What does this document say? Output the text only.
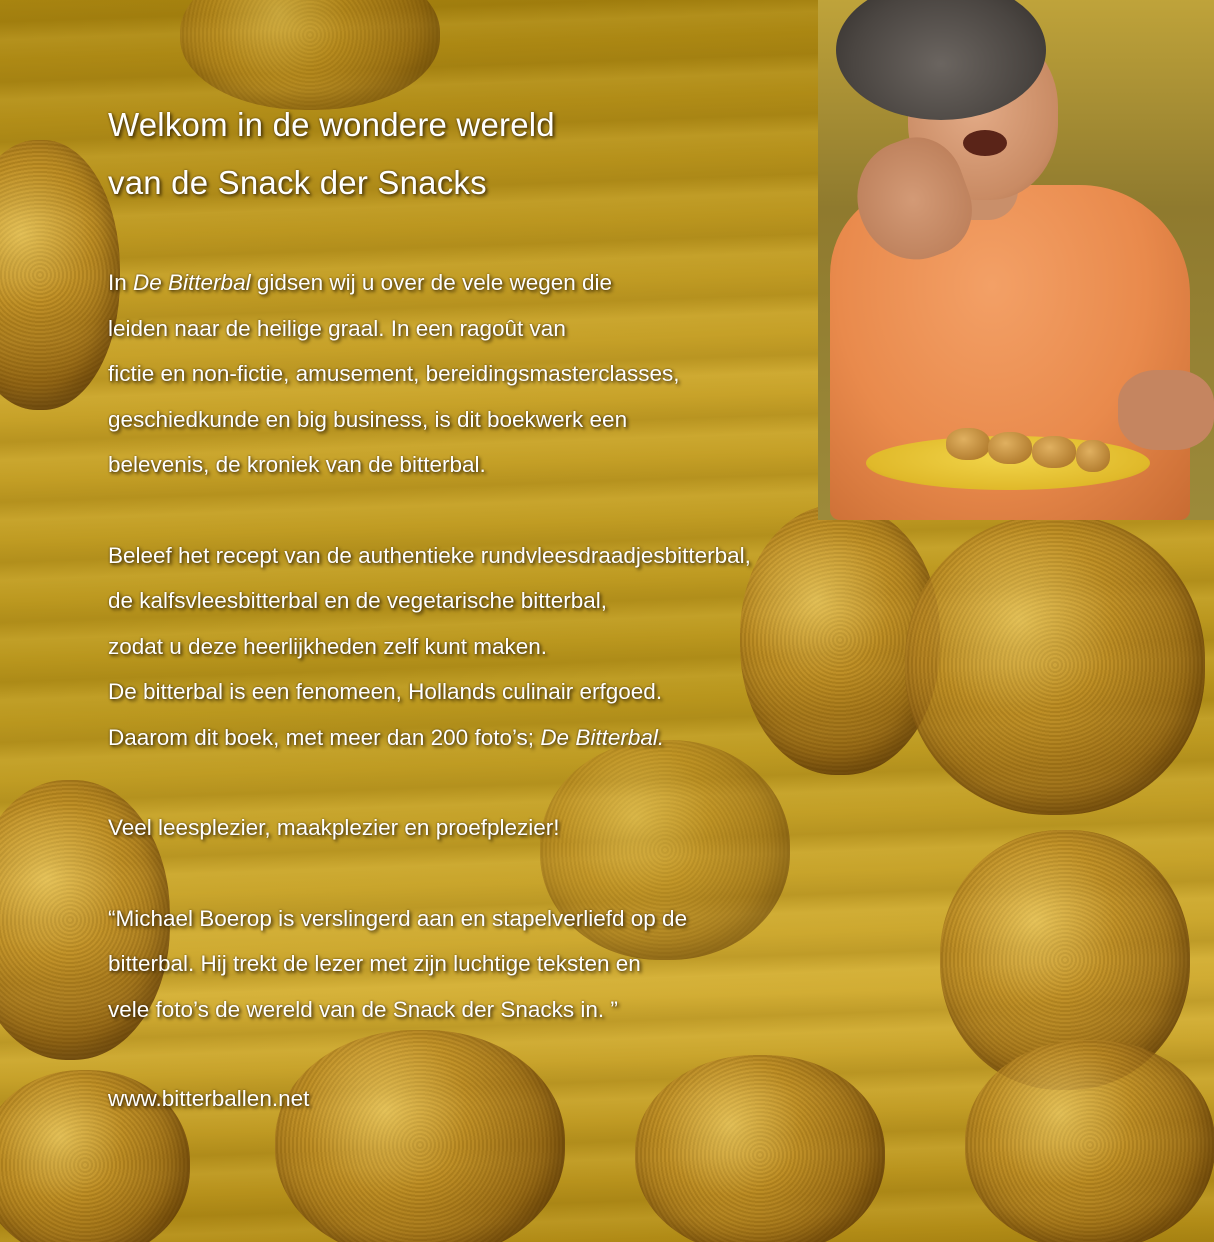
Welkom in de wondere wereld
van de Snack der Snacks

In De Bitterbal gidsen wij u over de vele wegen die
leiden naar de heilige graal. In een ragoût van
fictie en non-fictie, amusement, bereidingsmasterclasses,
geschiedkunde en big business, is dit boekwerk een
belevenis, de kroniek van de bitterbal.

Beleef het recept van de authentieke rundvleesdraadjesbitterbal,
de kalfsvleesbitterbal en de vegetarische bitterbal,
zodat u deze heerlijkheden zelf kunt maken.
De bitterbal is een fenomeen, Hollands culinair erfgoed.
Daarom dit boek, met meer dan 200 foto’s; De Bitterbal.

Veel leesplezier, maakplezier en proefplezier!

“Michael Boerop is verslingerd aan en stapelverliefd op de
bitterbal. Hij trekt de lezer met zijn luchtige teksten en
vele foto’s de wereld van de Snack der Snacks in. ”

www.bitterballen.net
